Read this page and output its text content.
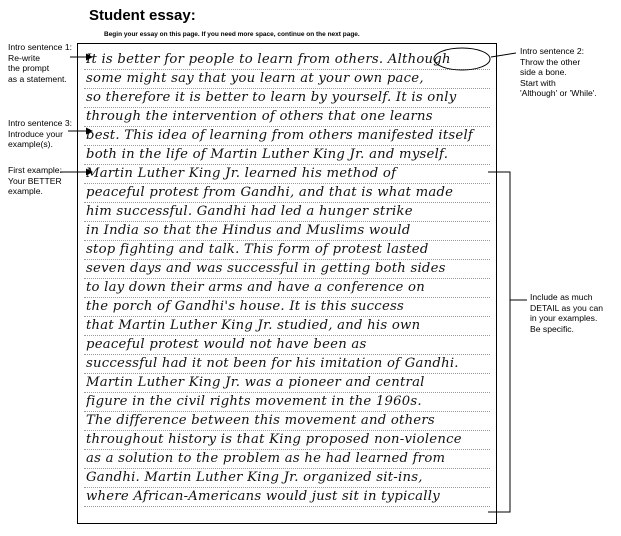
Student essay:
Begin your essay on this page. If you need more space, continue on the next page.
Intro sentence 1:
Re-write
the prompt
as a statement.
Intro sentence 3:
Introduce your
example(s).
First example:
Your BETTER
example.
Intro sentence 2:
Throw the other
side a bone.
Start with
'Although' or 'While'.
Include as much
DETAIL as you can
in your examples.
Be specific.
It is better for people to learn from others. Although
some might say that you learn at your own pace,
so therefore it is better to learn by yourself. It is only
through the intervention of others that one learns
best. This idea of learning from others manifested itself
both in the life of Martin Luther King Jr. and myself.
Martin Luther King Jr. learned his method of
peaceful protest from Gandhi, and that is what made
him successful. Gandhi had led a hunger strike
in India so that the Hindus and Muslims would
stop fighting and talk. This form of protest lasted
seven days and was successful in getting both sides
to lay down their arms and have a conference on
the porch of Gandhi's house. It is this success
that Martin Luther King Jr. studied, and his own
peaceful protest would not have been as
successful had it not been for his imitation of Gandhi.
Martin Luther King Jr. was a pioneer and central
figure in the civil rights movement in the 1960s.
The difference between this movement and others
throughout history is that King proposed non-violence
as a solution to the problem as he had learned from
Gandhi. Martin Luther King Jr. organized sit-ins,
where African-Americans would just sit in typically
